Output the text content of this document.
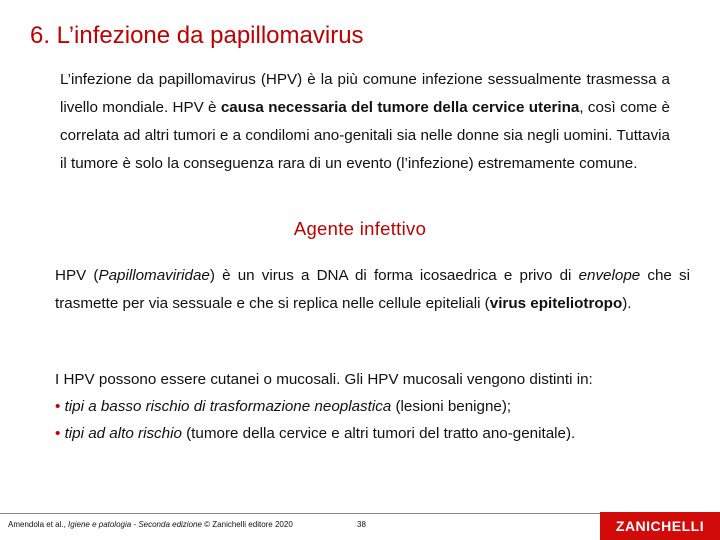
6. L’infezione da papillomavirus
L’infezione da papillomavirus (HPV) è la più comune infezione sessualmente trasmessa a livello mondiale. HPV è causa necessaria del tumore della cervice uterina, così come è correlata ad altri tumori e a condilomi ano-genitali sia nelle donne sia negli uomini. Tuttavia il tumore è solo la conseguenza rara di un evento (l’infezione) estremamente comune.
Agente infettivo
HPV (Papillomaviridae) è un virus a DNA di forma icosaedrica e privo di envelope che si trasmette per via sessuale e che si replica nelle cellule epiteliali (virus epiteliotropo).
I HPV possono essere cutanei o mucosali. Gli HPV mucosali vengono distinti in:
• tipi a basso rischio di trasformazione neoplastica (lesioni benigne);
• tipi ad alto rischio (tumore della cervice e altri tumori del tratto ano-genitale).
Amendola et al., Igiene e patologia - Seconda edizione © Zanichelli editore 2020	38	ZANICHELLI
